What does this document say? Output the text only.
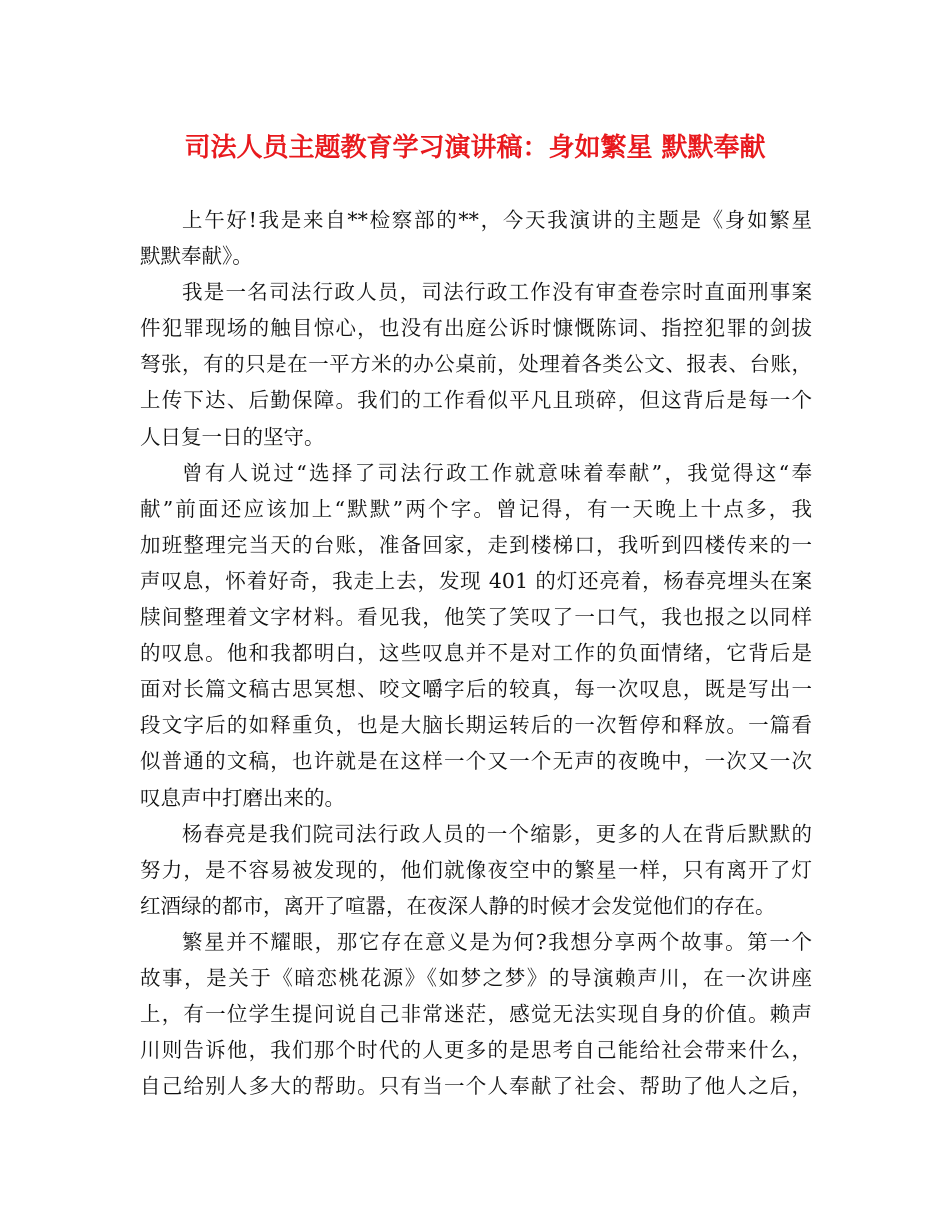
司法人员主题教育学习演讲稿：身如繁星 默默奉献
上午好!我是来自**检察部的**，今天我演讲的主题是《身如繁星
默默奉献》。
我是一名司法行政人员，司法行政工作没有审查卷宗时直面刑事案
件犯罪现场的触目惊心，也没有出庭公诉时慷慨陈词、指控犯罪的剑拔
弩张，有的只是在一平方米的办公桌前，处理着各类公文、报表、台账，
上传下达、后勤保障。我们的工作看似平凡且琐碎，但这背后是每一个
人日复一日的坚守。
曾有人说过“选择了司法行政工作就意味着奉献”，我觉得这“奉
献”前面还应该加上“默默”两个字。曾记得，有一天晚上十点多，我
加班整理完当天的台账，准备回家，走到楼梯口，我听到四楼传来的一
声叹息，怀着好奇，我走上去，发现 401 的灯还亮着，杨春亮埋头在案
牍间整理着文字材料。看见我，他笑了笑叹了一口气，我也报之以同样
的叹息。他和我都明白，这些叹息并不是对工作的负面情绪，它背后是
面对长篇文稿古思冥想、咬文嚼字后的较真，每一次叹息，既是写出一
段文字后的如释重负，也是大脑长期运转后的一次暂停和释放。一篇看
似普通的文稿，也许就是在这样一个又一个无声的夜晚中，一次又一次
叹息声中打磨出来的。
杨春亮是我们院司法行政人员的一个缩影，更多的人在背后默默的
努力，是不容易被发现的，他们就像夜空中的繁星一样，只有离开了灯
红酒绿的都市，离开了喧嚣，在夜深人静的时候才会发觉他们的存在。
繁星并不耀眼，那它存在意义是为何?我想分享两个故事。第一个
故事，是关于《暗恋桃花源》《如梦之梦》的导演赖声川，在一次讲座
上，有一位学生提问说自己非常迷茫，感觉无法实现自身的价值。赖声
川则告诉他，我们那个时代的人更多的是思考自己能给社会带来什么，
自己给别人多大的帮助。只有当一个人奉献了社会、帮助了他人之后，
